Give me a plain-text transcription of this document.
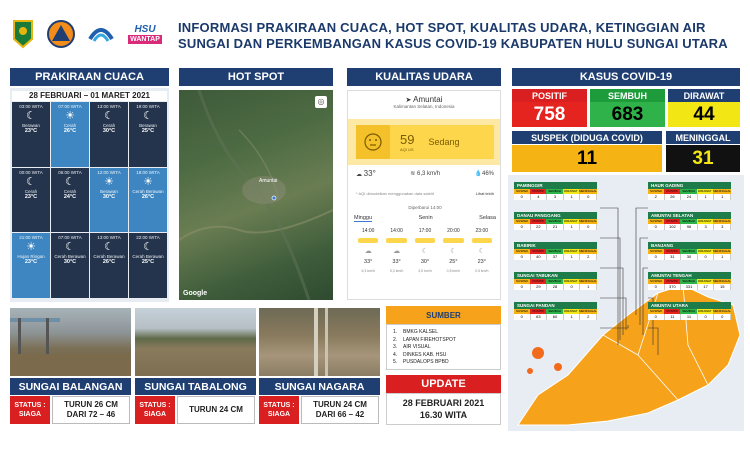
HSU
WANTAP
INFORMASI PRAKIRAAN CUACA, HOT SPOT, KUALITAS UDARA, KETINGGIAN AIR
SUNGAI DAN PERKEMBANGAN KASUS COVID-19 KABUPATEN HULU SUNGAI UTARA
PRAKIRAAN CUACA
28 FEBRUARI – 01 MARET 2021
03:00 WITA
☾
Berawan
23°C
07:00 WITA
☀
Cerah
26°C
13:00 WITA
☾
Cerah
30°C
19:00 WITA
☾
Berawan
25°C
00:00 WITA
☾
Cerah
23°C
06:00 WITA
☾
Cerah
24°C
12:00 WITA
☀
Berawan
30°C
18:00 WITA
☀
Cerah Berawan
26°C
21:00 WITA
☀
Hujan Ringan
23°C
07:00 WITA
☾
Cerah Berawan
30°C
13:00 WITA
☾
Cerah Berawan
26°C
22:00 WITA
☾
Cerah Berawan
25°C
HOT SPOT
Amuntai
Google
◎
KUALITAS UDARA
➤ Amuntai
Kalimantan Selatan, Indonesia
59
AQI US
Sedang
☁ 33°	≋ 6,3 km/h	💧46%
* AQI dimodelkan menggunakan data satelit	Lihat lebih
Diperbarui 14:00
Minggu	Senin	Selasa
14:00	14:00	17:00	20:00	23:00
☁	☁	☾	☾	☾
33°	33°	30°	25°	23°
6,3 km/h	5,3 km/h	3,5 km/h	0,5 km/h	0,5 km/h
KASUS COVID-19
POSITIF
758
SEMBUH
683
DIRAWAT
44
SUSPEK (DIDUGA COVID)
11
MENINGGAL
31
PAMINGGIR
SUSPEK	POSITIF	SEMBUH	DIRAWAT MENINGGAL
0	4	3	1	0
DANAU PANGGANG
SUSPEK	POSITIF	SEMBUH	DIRAWAT MENINGGAL
0	22	21	1	0
BABIRIK
SUSPEK	POSITIF	SEMBUH	DIRAWAT MENINGGAL
0	40	37	1	2
SUNGAI TABUKAN
SUSPEK	POSITIF	SEMBUH	DIRAWAT MENINGGAL
0	29	28	0	1
SUNGAI PANDAN
SUSPEK	POSITIF	SEMBUH	DIRAWAT MENINGGAL
0	63	60	1	2
HAUR GADING
SUSPEK	POSITIF	SEMBUH	DIRAWAT MENINGGAL
2	26	24	1	1
AMUNTAI SELATAN
SUSPEK	POSITIF	SEMBUH	DIRAWAT MENINGGAL
0	102	96	3	3
BANJANG
SUSPEK	POSITIF	SEMBUH	DIRAWAT MENINGGAL
0	31	30	0	1
AMUNTAI TENGAH
SUSPEK	POSITIF	SEMBUH	DIRAWAT MENINGGAL
0	370	331	17	15
AMUNTAI UTARA
SUSPEK	POSITIF	SEMBUH	DIRAWAT MENINGGAL
0	11	11	0	0
SUMBER
1. BMKG KALSEL
2. LAPAN FIREHOTSPOT
3. AIR VISUAL
4. DINKES KAB. HSU
5. PUSDALOPS BPBD
UPDATE
28 FEBRUARI 2021
16.30 WITA
SUNGAI BALANGAN
STATUS :
SIAGA
TURUN 26 CM
DARI 72 – 46
SUNGAI TABALONG
STATUS :
SIAGA
TURUN 24 CM
SUNGAI NAGARA
STATUS :
SIAGA
TURUN 24 CM
DARI 66 – 42
